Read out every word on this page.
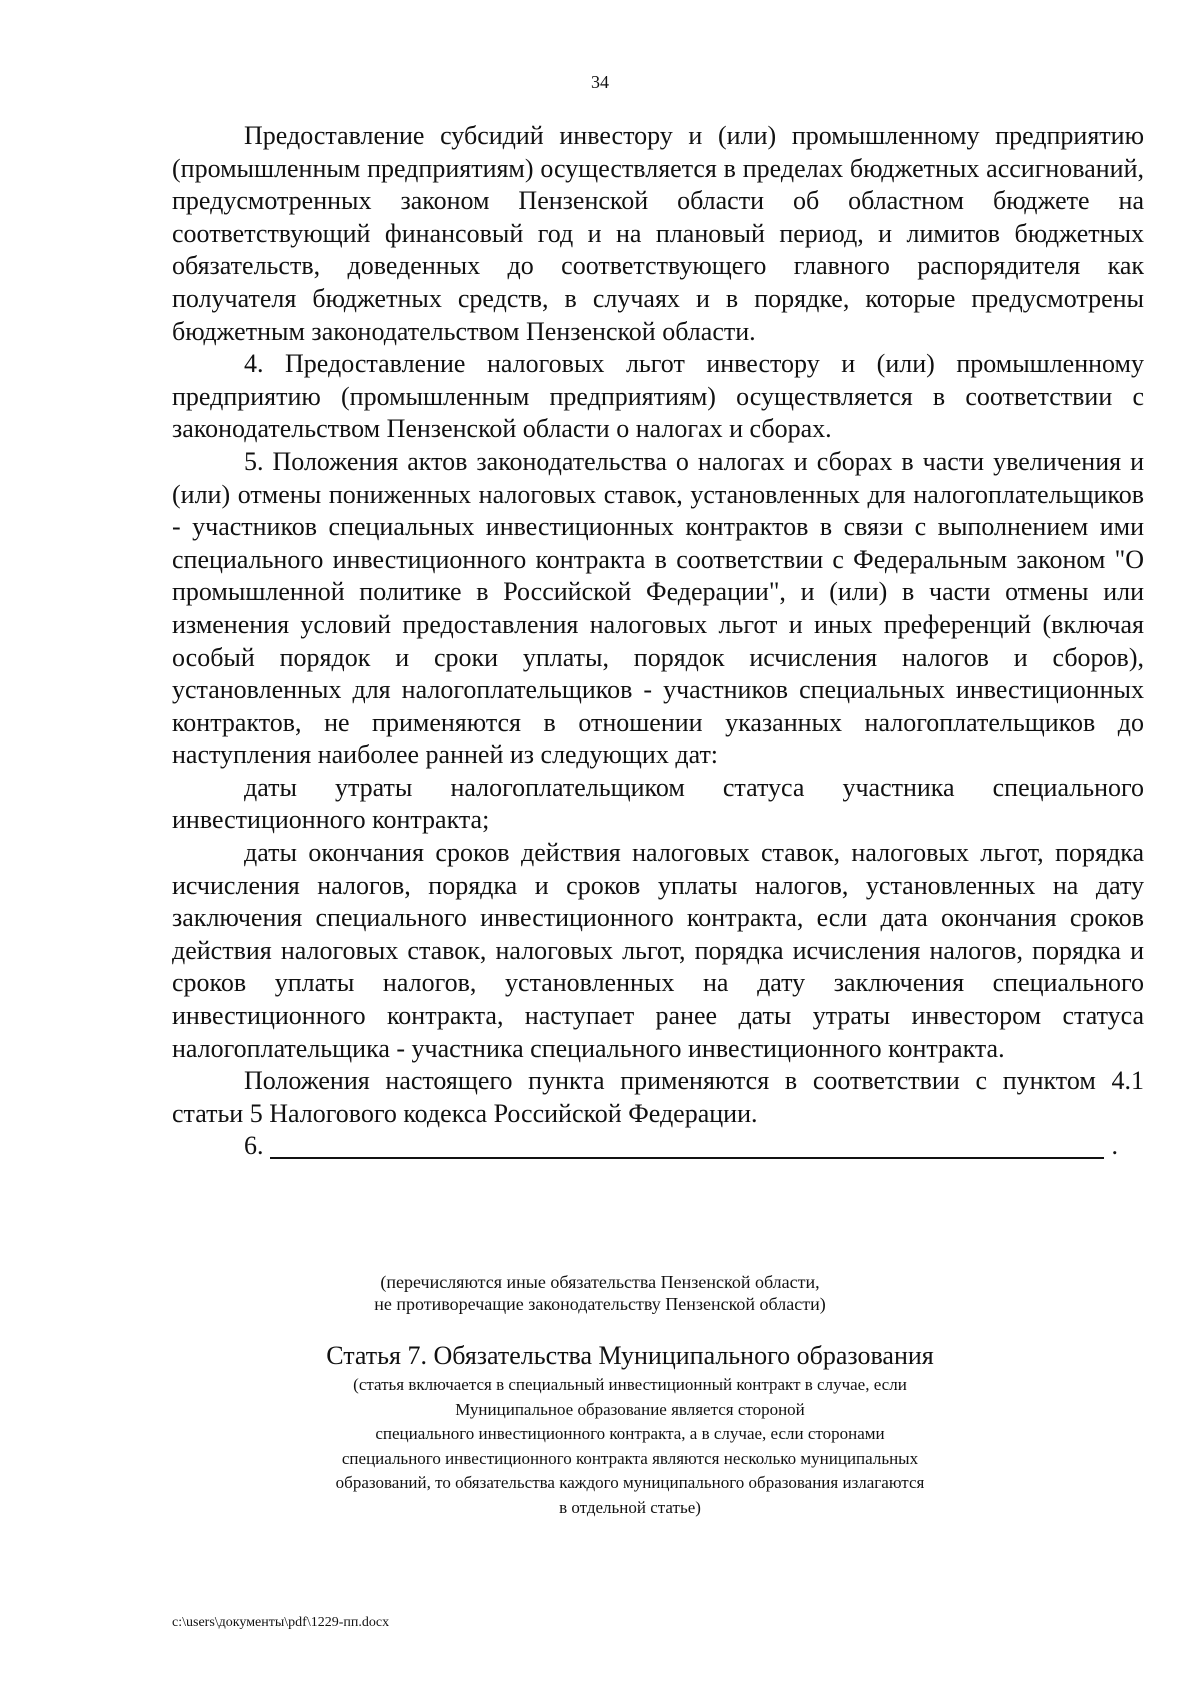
34

Предоставление субсидий инвестору и (или) промышленному предприятию (промышленным предприятиям) осуществляется в пределах бюджетных ассигнований, предусмотренных законом Пензенской области об областном бюджете на соответствующий финансовый год и на плановый период, и лимитов бюджетных обязательств, доведенных до соответствующего главного распорядителя как получателя бюджетных средств, в случаях и в порядке, которые предусмотрены бюджетным законодательством Пензенской области.

4. Предоставление налоговых льгот инвестору и (или) промышленному предприятию (промышленным предприятиям) осуществляется в соответствии с законодательством Пензенской области о налогах и сборах.

5. Положения актов законодательства о налогах и сборах в части увеличения и (или) отмены пониженных налоговых ставок, установленных для налогоплательщиков - участников специальных инвестиционных контрактов в связи с выполнением ими специального инвестиционного контракта в соответствии с Федеральным законом "О промышленной политике в Российской Федерации", и (или) в части отмены или изменения условий предоставления налоговых льгот и иных преференций (включая особый порядок и сроки уплаты, порядок исчисления налогов и сборов), установленных для налогоплательщиков - участников специальных инвестиционных контрактов, не применяются в отношении указанных налогоплательщиков до наступления наиболее ранней из следующих дат:

даты утраты налогоплательщиком статуса участника специального инвестиционного контракта;

даты окончания сроков действия налоговых ставок, налоговых льгот, порядка исчисления налогов, порядка и сроков уплаты налогов, установленных на дату заключения специального инвестиционного контракта, если дата окончания сроков действия налоговых ставок, налоговых льгот, порядка исчисления налогов, порядка и сроков уплаты налогов, установленных на дату заключения специального инвестиционного контракта, наступает ранее даты утраты инвестором статуса налогоплательщика - участника специального инвестиционного контракта.

Положения настоящего пункта применяются в соответствии с пунктом 4.1 статьи 5 Налогового кодекса Российской Федерации.

6.	.
(перечисляются иные обязательства Пензенской области,
не противоречащие законодательству Пензенской области)
Статья 7. Обязательства Муниципального образования
(статья включается в специальный инвестиционный контракт в случае, если
Муниципальное образование является стороной
специального инвестиционного контракта, а в случае, если сторонами
специального инвестиционного контракта являются несколько муниципальных
образований, то обязательства каждого муниципального образования излагаются
в отдельной статье)
c:\users\документы\pdf\1229-пп.docx
